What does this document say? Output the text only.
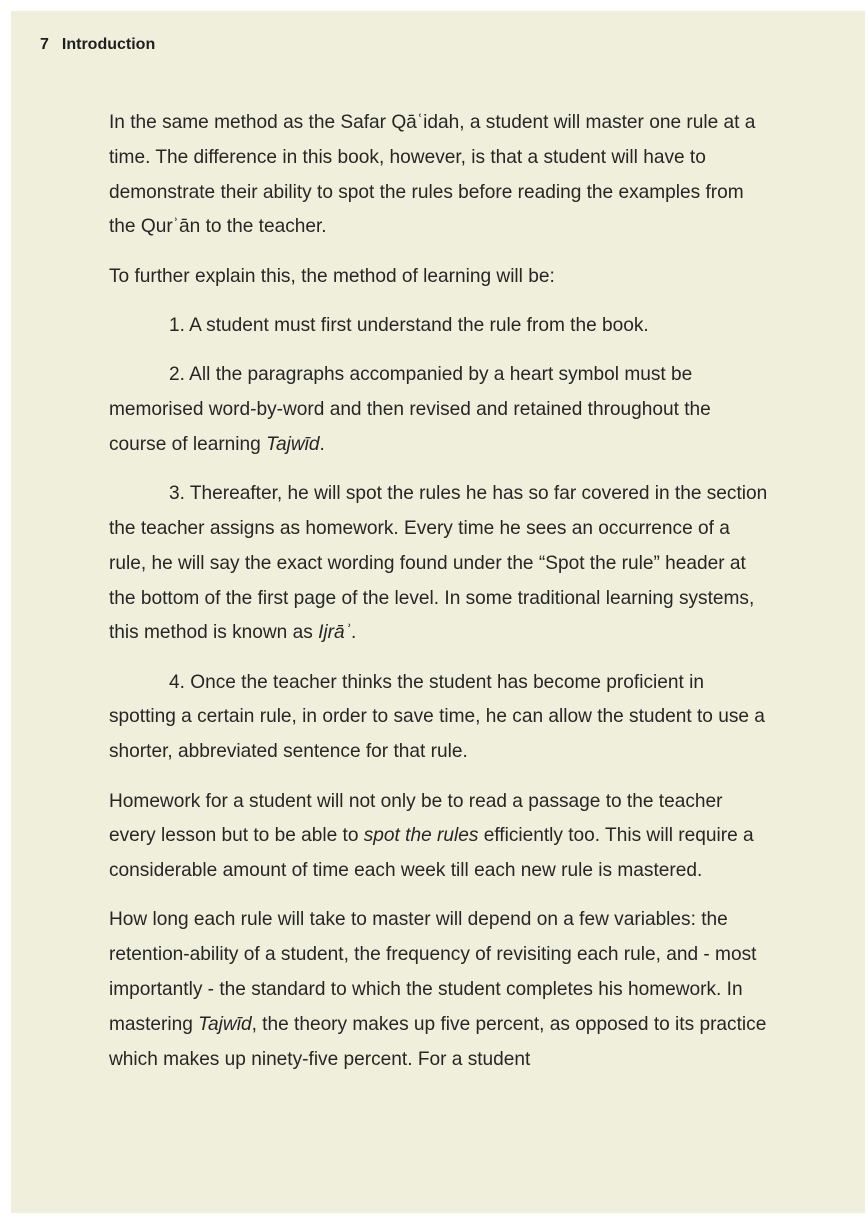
7 Introduction

In the same method as the Safar Qāʿidah, a student will master one rule at a time. The difference in this book, however, is that a student will have to demonstrate their ability to spot the rules before reading the examples from the Qurʾān to the teacher.

To further explain this, the method of learning will be:

1. A student must first understand the rule from the book.

2. All the paragraphs accompanied by a heart symbol must be memorised word-by-word and then revised and retained throughout the course of learning Tajwīd.

3. Thereafter, he will spot the rules he has so far covered in the section the teacher assigns as homework. Every time he sees an occurrence of a rule, he will say the exact wording found under the “Spot the rule” header at the bottom of the first page of the level. In some traditional learning systems, this method is known as Ijrāʾ.

4. Once the teacher thinks the student has become proficient in spotting a certain rule, in order to save time, he can allow the student to use a shorter, abbreviated sentence for that rule.

Homework for a student will not only be to read a passage to the teacher every lesson but to be able to spot the rules efficiently too. This will require a considerable amount of time each week till each new rule is mastered.

How long each rule will take to master will depend on a few variables: the retention-ability of a student, the frequency of revisiting each rule, and - most importantly - the standard to which the student completes his homework. In mastering Tajwīd, the theory makes up five percent, as opposed to its practice which makes up ninety-five percent. For a student
